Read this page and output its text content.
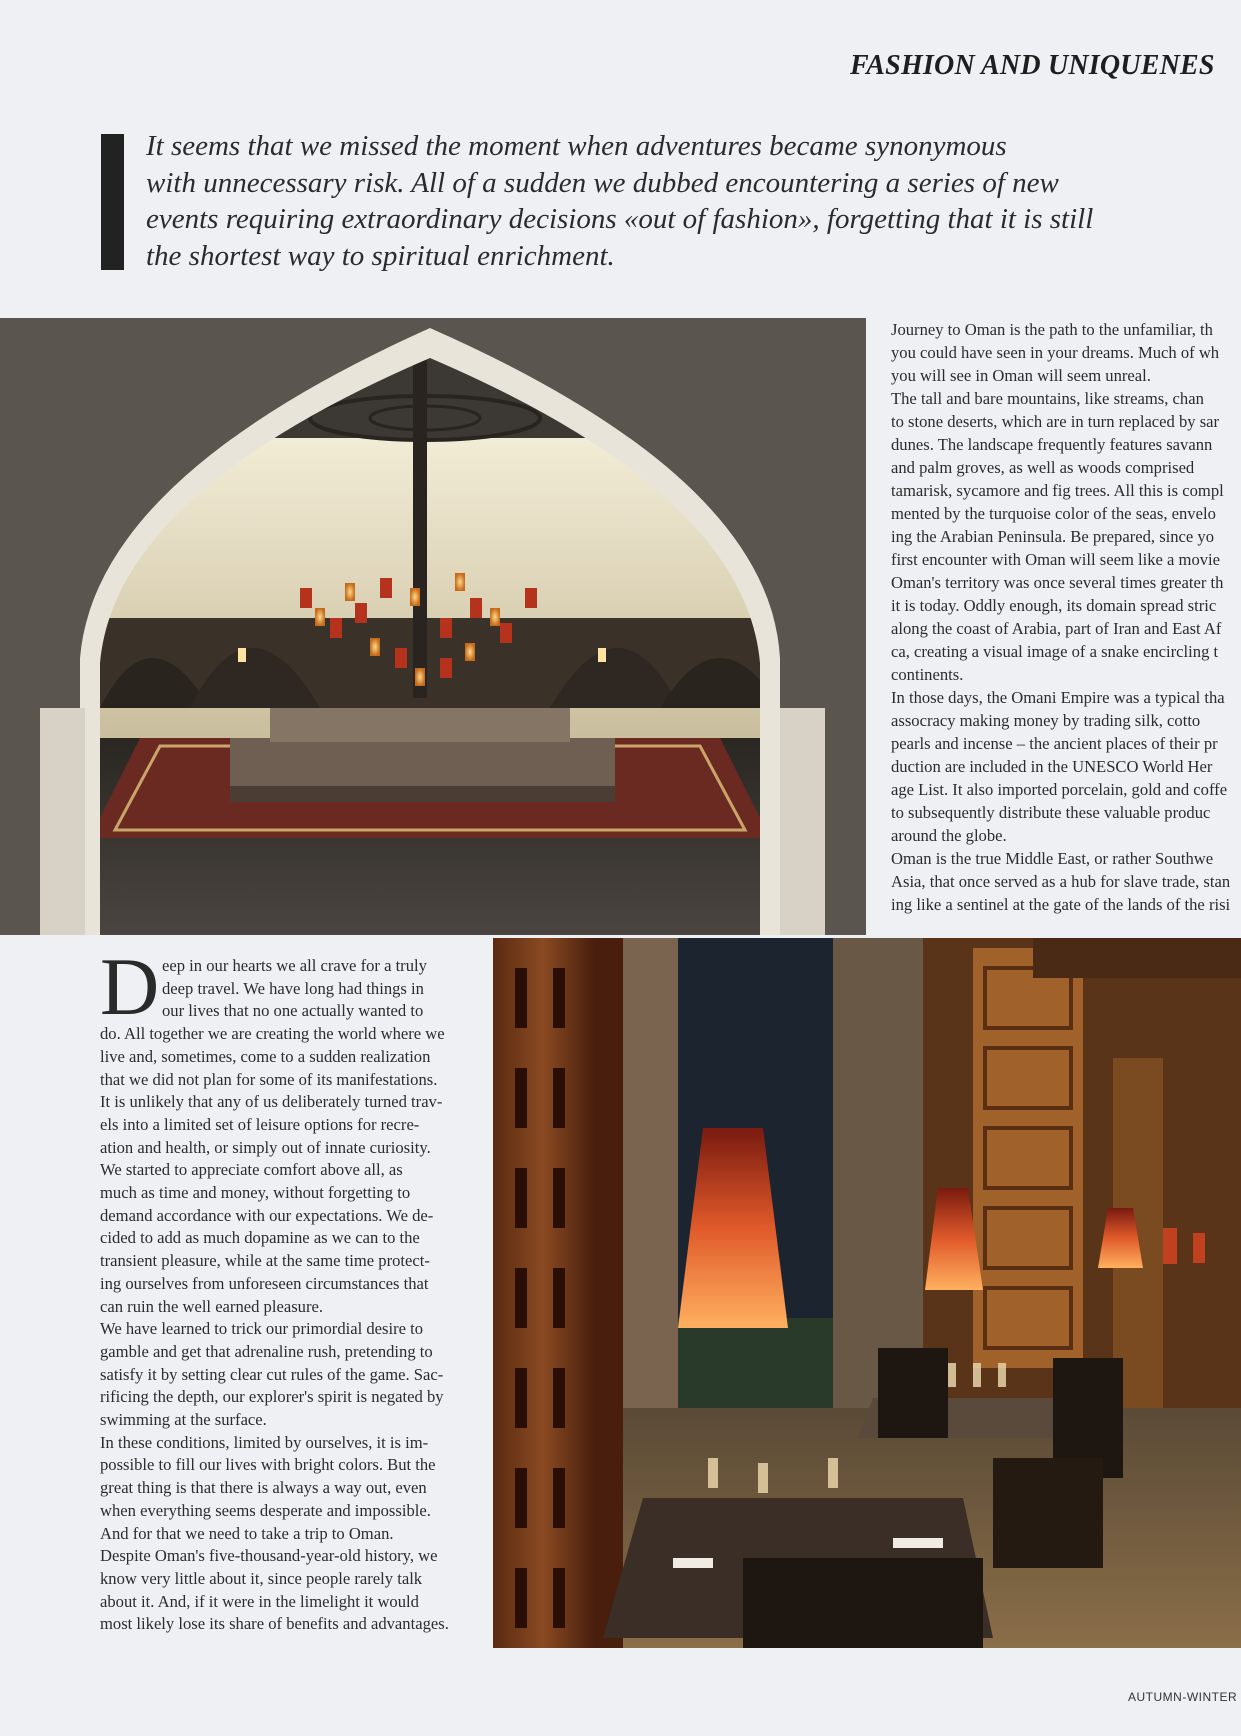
FASHION AND UNIQUENES
It seems that we missed the moment when adventures became synonymous
with unnecessary risk. All of a sudden we dubbed encountering a series of new
events requiring extraordinary decisions «out of fashion», forgetting that it is still
the shortest way to spiritual enrichment.
Journey to Oman is the path to the unfamiliar, th
you could have seen in your dreams. Much of wh
you will see in Oman will seem unreal.
The tall and bare mountains, like streams, chan
to stone deserts, which are in turn replaced by sar
dunes. The landscape frequently features savann
and palm groves, as well as woods comprised
tamarisk, sycamore and fig trees. All this is compl
mented by the turquoise color of the seas, envelo
ing the Arabian Peninsula. Be prepared, since yo
first encounter with Oman will seem like a movie
Oman's territory was once several times greater th
it is today. Oddly enough, its domain spread stric
along the coast of Arabia, part of Iran and East Af
ca, creating a visual image of a snake encircling t
continents.
In those days, the Omani Empire was a typical tha
assocracy making money by trading silk, cotto
pearls and incense – the ancient places of their pr
duction are included in the UNESCO World Her
age List. It also imported porcelain, gold and coffe
to subsequently distribute these valuable produc
around the globe.
Oman is the true Middle East, or rather Southwe
Asia, that once served as a hub for slave trade, stan
ing like a sentinel at the gate of the lands of the risi
D eep in our hearts we all crave for a truly
deep travel. We have long had things in
our lives that no one actually wanted to
do. All together we are creating the world where we
live and, sometimes, come to a sudden realization
that we did not plan for some of its manifestations.
It is unlikely that any of us deliberately turned trav-
els into a limited set of leisure options for recre-
ation and health, or simply out of innate curiosity.
We started to appreciate comfort above all, as
much as time and money, without forgetting to
demand accordance with our expectations. We de-
cided to add as much dopamine as we can to the
transient pleasure, while at the same time protect-
ing ourselves from unforeseen circumstances that
can ruin the well earned pleasure.
We have learned to trick our primordial desire to
gamble and get that adrenaline rush, pretending to
satisfy it by setting clear cut rules of the game. Sac-
rificing the depth, our explorer's spirit is negated by
swimming at the surface.
In these conditions, limited by ourselves, it is im-
possible to fill our lives with bright colors. But the
great thing is that there is always a way out, even
when everything seems desperate and impossible.
And for that we need to take a trip to Oman.
Despite Oman's five-thousand-year-old history, we
know very little about it, since people rarely talk
about it. And, if it were in the limelight it would
most likely lose its share of benefits and advantages.
AUTUMN-WINTER
